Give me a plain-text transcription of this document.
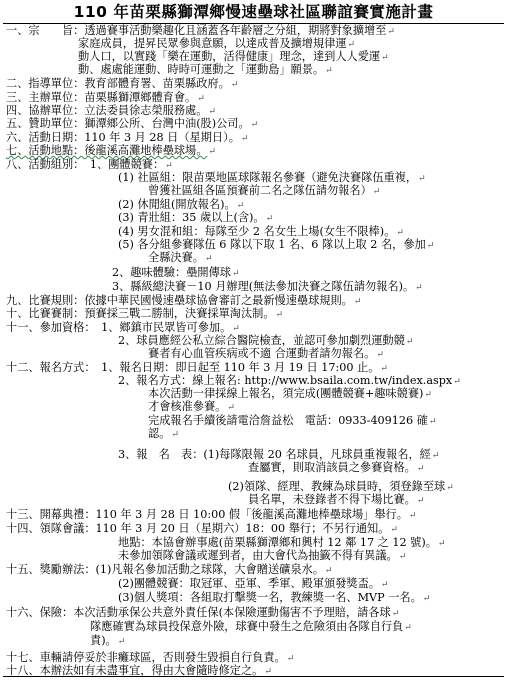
110 年苗栗縣獅潭鄉慢速壘球社區聯誼賽實施計畫
一、宗　　旨：透過賽事活動樂趣化且涵蓋各年齡層之分組，期將對象擴增至↵
家庭成員，提昇民眾參與意願，以達成普及擴增規律運↵
動人口，以實踐「樂在運動，活得健康」理念，達到人人愛運↵
動、處處能運動、時時可運動之「運動島」願景。↵
二、指導單位：教育部體育署、苗栗縣政府。↵
三、主辦單位：苗栗縣獅潭鄉體育會。↵
四、協辦單位：立法委員徐志榮服務處。↵
五、贊助單位：獅潭鄉公所、台灣中油(股)公司。↵
六、活動日期：110 年 3 月 28 日（星期日）。↵
七、活動地點：後龍溪高灘地棒壘球場。↵
八、活動組別：　1、團體競賽：↵
(1) 社區組：限苗栗地區球隊報名參賽（避免決賽隊伍重複，↵
曾獲社區組各區預賽前二名之隊伍請勿報名）↵
(2) 休閒組(開放報名)。↵
(3) 青壯組：35 歲以上(含)。↵
(4) 男女混和組：每隊至少 2 名女生上場(女生不限棒)。↵
(5) 各分組參賽隊伍 6 隊以下取 1 名、6 隊以上取 2 名，參加↵
全縣決賽。↵
2、趣味體驗：壘開傳球↵
3、縣級總決賽－10 月辦理(無法參加決賽之隊伍請勿報名)。↵
九、比賽規則：依據中華民國慢速壘球協會審訂之最新慢速壘球規則。↵
十、比賽賽制：預賽採三戰二勝制，決賽採單淘汰制。↵
十一、參加資格：　1、鄉鎮市民眾皆可參加。↵
2、球員應經公私立綜合醫院檢查，並認可參加劇烈運動競↵
賽者有心血管疾病或不適 合運動者請勿報名。↵
十二、報名方式：　1、報名日期：即日起至 110 年 3 月 19 日 17:00 止。↵
2、報名方式：線上報名: http://www.bsaila.com.tw/index.aspx↵
本次活動一律採線上報名，須完成(團體競賽+趣味競賽)↵
才會核准參賽。↵
完成報名手續後請電洽詹益松　電話：0933-409126 確↵
認。↵
3、報　名　表：(1)每隊限報 20 名球員，凡球員重複報名，經↵
查屬實，則取消該員之參賽資格。↵
(2)領隊、經理、教練為球員時，須登錄至球↵
員名單，未登錄者不得下場比賽。↵
十三、開幕典禮：110 年 3 月 28 日 10:00 假「後龍溪高灘地棒壘球場」舉行。↵
十四、領隊會議：110 年 3 月 20 日（星期六）18：00 舉行；不另行通知。↵
地點：本協會辦事處(苗栗縣獅潭鄉和興村 12 鄰 17 之 12 號)。↵
未參加領隊會議或遲到者，由大會代為抽籤不得有異議。↵
十五、獎勵辦法：(1)凡報名參加活動之球隊，大會贈送礦泉水。↵
(2)團體競賽：取冠軍、亞軍、季軍、殿軍頒發獎盃。↵
(3)個人獎項：各組取打擊獎一名，教練獎一名、MVP 一名。↵
十六、保險：本次活動承保公共意外責任保(本保險運動傷害不予理賠，請各球↵
隊應確實為球員投保意外險，球賽中發生之危險須由各隊自行負↵
責)。↵
十七、車輛請停妥於非癱球區，否則發生毀損自行負責。↵
十八、本辦法如有未盡事宜，得由大會隨時修定之。↵
